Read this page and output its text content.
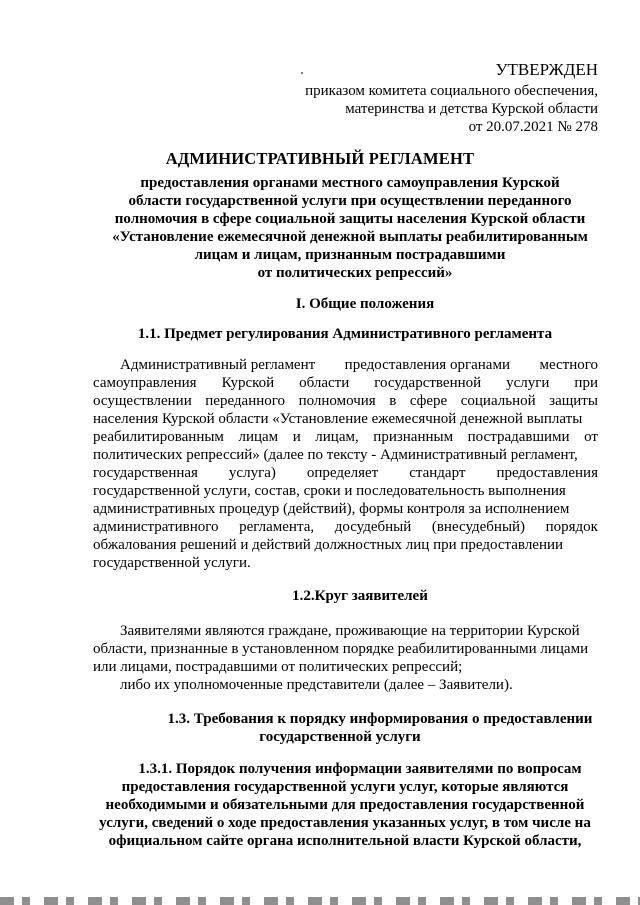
УТВЕРЖДЕН
приказом комитета социального обеспечения,
материнства и детства Курской области
от 20.07.2021 № 278
АДМИНИСТРАТИВНЫЙ РЕГЛАМЕНТ
предоставления органами местного самоуправления Курской
области государственной услуги при осуществлении переданного
полномочия в сфере социальной защиты населения Курской области
«Установление ежемесячной денежной выплаты реабилитированным
лицам и лицам, признанным пострадавшими
от политических репрессий»
I. Общие положения
1.1. Предмет регулирования Административного регламента
Административный регламент предоставления органами местного
самоуправления Курской области государственной услуги при
осуществлении переданного полномочия в сфере социальной защиты
населения Курской области «Установление ежемесячной денежной выплаты
реабилитированным лицам и лицам, признанным пострадавшими от
политических репрессий» (далее по тексту - Административный регламент,
государственная услуга) определяет стандарт предоставления
государственной услуги, состав, сроки и последовательность выполнения
административных процедур (действий), формы контроля за исполнением
административного регламента, досудебный (внесудебный) порядок
обжалования решений и действий должностных лиц при предоставлении
государственной услуги.
1.2.Круг заявителей
Заявителями являются граждане, проживающие на территории Курской
области, признанные в установленном порядке реабилитированными лицами
или лицами, пострадавшими от политических репрессий;
либо их уполномоченные представители (далее – Заявители).
1.3. Требования к порядку информирования о предоставлении
государственной услуги
1.3.1. Порядок получения информации заявителями по вопросам
предоставления государственной услуги услуг, которые являются
необходимыми и обязательными для предоставления государственной
услуги, сведений о ходе предоставления указанных услуг, в том числе на
официальном сайте органа исполнительной власти Курской области,
